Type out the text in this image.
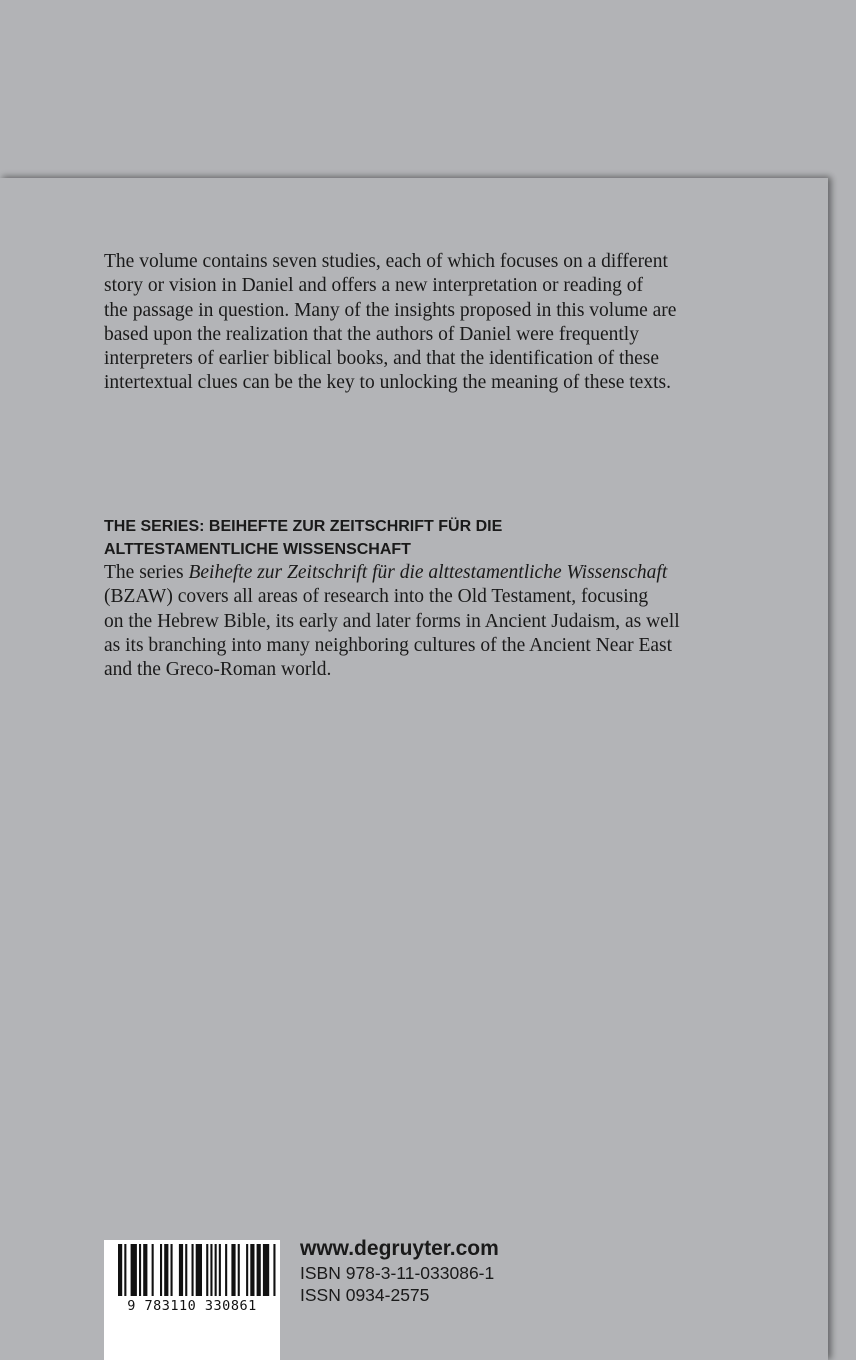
The volume contains seven studies, each of which focuses on a different
story or vision in Daniel and offers a new interpretation or reading of
the passage in question. Many of the insights proposed in this volume are
based upon the realization that the authors of Daniel were frequently
interpreters of earlier biblical books, and that the identification of these
intertextual clues can be the key to unlocking the meaning of these texts.
THE SERIES: BEIHEFTE ZUR ZEITSCHRIFT FÜR DIE
ALTTESTAMENTLICHE WISSENSCHAFT
The series Beihefte zur Zeitschrift für die alttestamentliche Wissenschaft
(BZAW) covers all areas of research into the Old Testament, focusing
on the Hebrew Bible, its early and later forms in Ancient Judaism, as well
as its branching into many neighboring cultures of the Ancient Near East
and the Greco-Roman world.
9 783110 330861
www.degruyter.com
ISBN 978-3-11-033086-1
ISSN 0934-2575
